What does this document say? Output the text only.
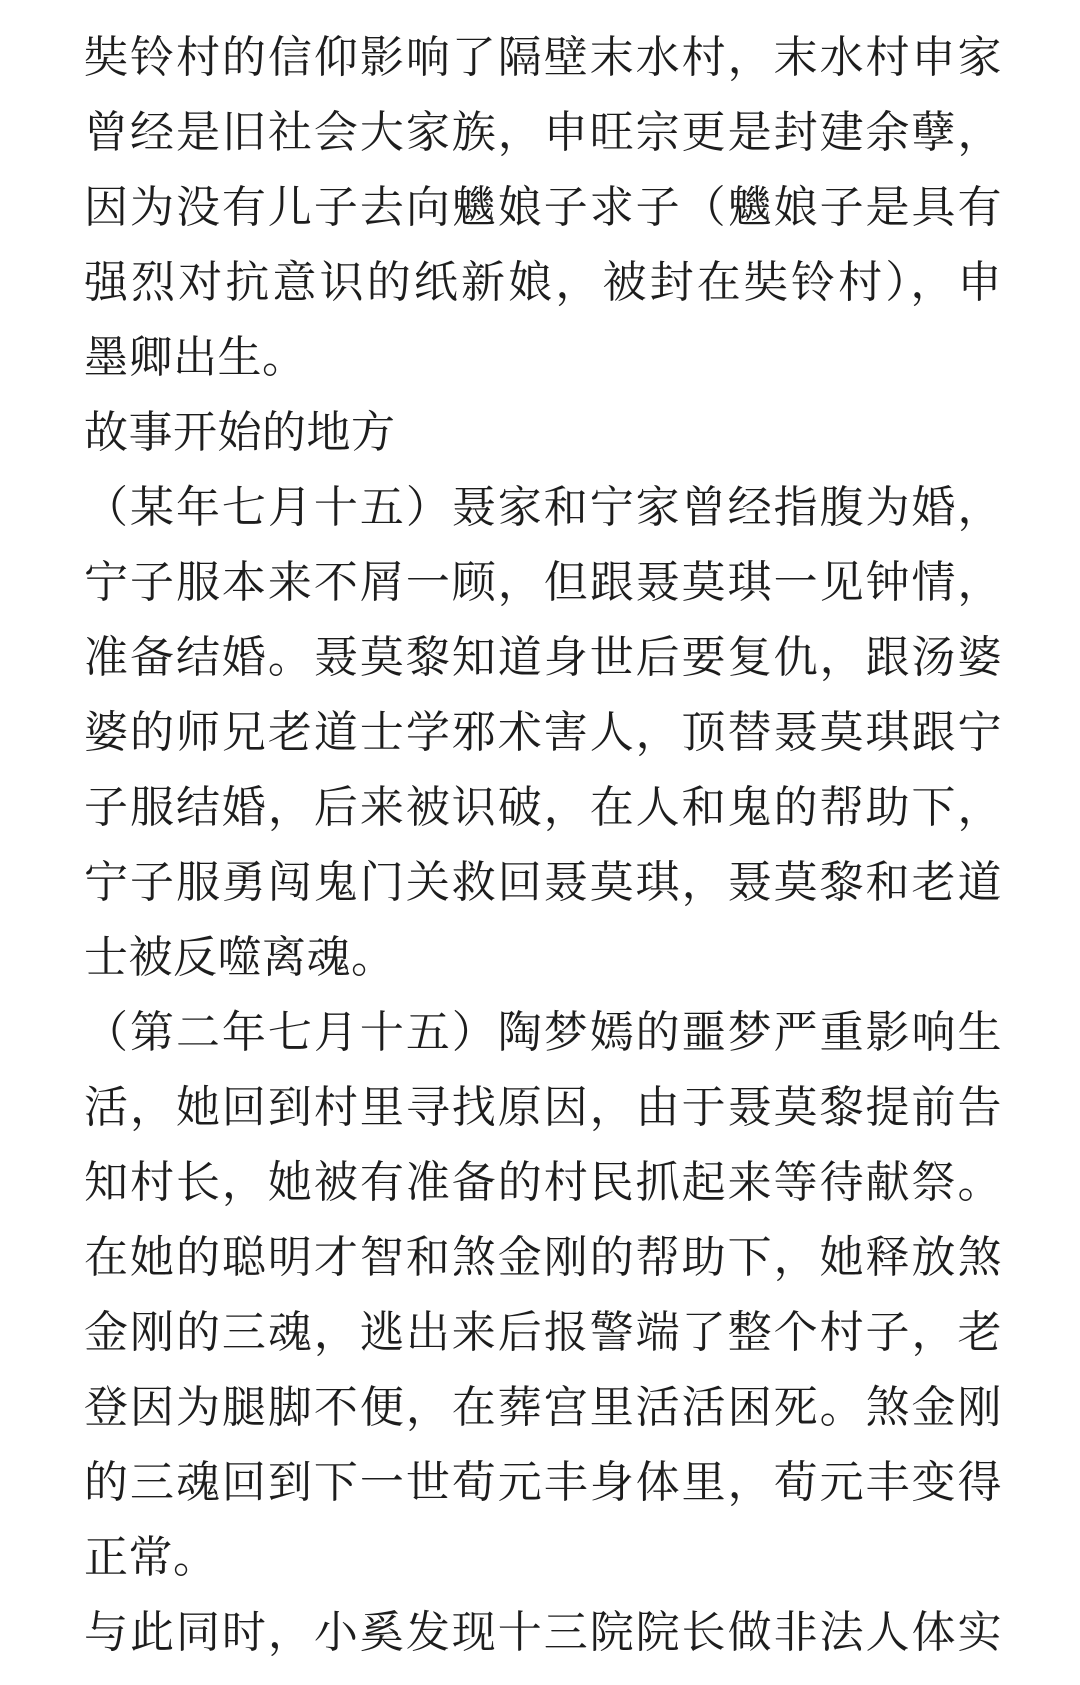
奘铃村的信仰影响了隔壁末水村，末水村申家
曾经是旧社会大家族，申旺宗更是封建余孽，
因为没有儿子去向魕娘子求子（魕娘子是具有
强烈对抗意识的纸新娘，被封在奘铃村），申
墨卿出生。
故事开始的地方
（某年七月十五）聂家和宁家曾经指腹为婚，
宁子服本来不屑一顾，但跟聂莫琪一见钟情，
准备结婚。聂莫黎知道身世后要复仇，跟汤婆
婆的师兄老道士学邪术害人，顶替聂莫琪跟宁
子服结婚，后来被识破，在人和鬼的帮助下，
宁子服勇闯鬼门关救回聂莫琪，聂莫黎和老道
士被反噬离魂。
（第二年七月十五）陶梦嫣的噩梦严重影响生
活，她回到村里寻找原因，由于聂莫黎提前告
知村长，她被有准备的村民抓起来等待献祭。
在她的聪明才智和煞金刚的帮助下，她释放煞
金刚的三魂，逃出来后报警端了整个村子，老
登因为腿脚不便，在葬宫里活活困死。煞金刚
的三魂回到下一世荀元丰身体里，荀元丰变得
正常。
与此同时，小奚发现十三院院长做非法人体实
